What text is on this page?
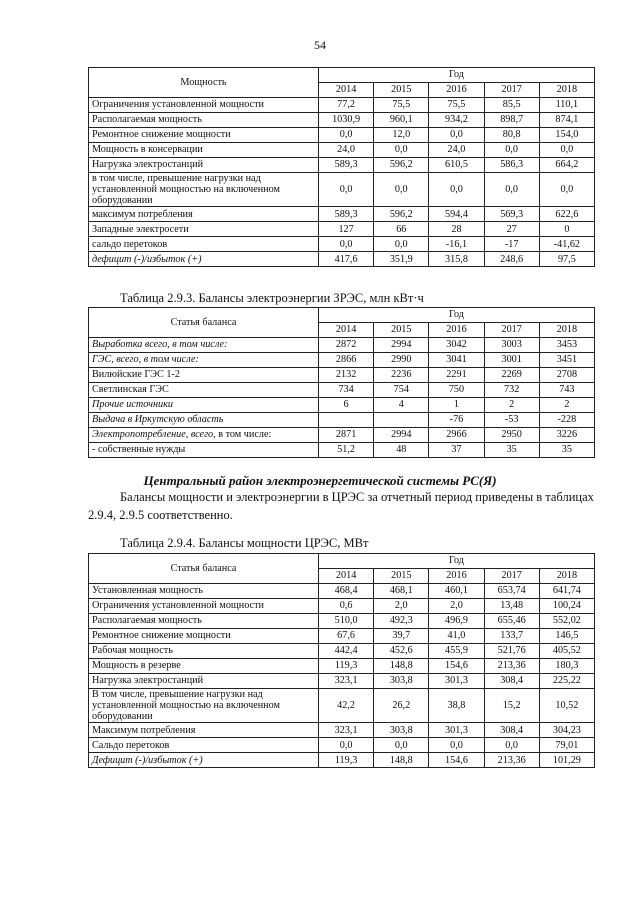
54
Мощность	Год				
	2014	2015	2016	2017	2018
Ограничения установленной мощности	77,2	75,5	75,5	85,5	110,1
Располагаемая мощность	1030,9	960,1	934,2	898,7	874,1
Ремонтное снижение мощности	0,0	12,0	0,0	80,8	154,0
Мощность в консервации	24,0	0,0	24,0	0,0	0,0
Нагрузка электростанций	589,3	596,2	610,5	586,3	664,2
в том числе, превышение нагрузки над установленной мощностью на включенном оборудовании	0,0	0,0	0,0	0,0	0,0
максимум потребления	589,3	596,2	594,4	569,3	622,6
Западные электросети	127	66	28	27	0
сальдо перетоков	0,0	0,0	-16,1	-17	-41,62
дефицит (-)/избыток (+)	417,6	351,9	315,8	248,6	97,5
Таблица 2.9.3. Балансы электроэнергии ЗРЭС, млн кВт·ч
Статья баланса	Год				
	2014	2015	2016	2017	2018
Выработка всего, в том числе:	2872	2994	3042	3003	3453
ГЭС, всего, в том числе:	2866	2990	3041	3001	3451
Вилюйские ГЭС 1-2	2132	2236	2291	2269	2708
Светлинская ГЭС	734	754	750	732	743
Прочие источники	6	4	1	2	2
Выдача в Иркутскую область			-76	-53	-228
Электропотребление, всего, в том числе:	2871	2994	2966	2950	3226
- собственные нужды	51,2	48	37	35	35
Центральный район электроэнергетической системы РС(Я)
Балансы мощности и электроэнергии в ЦРЭС за отчетный период приведены в таблицах 2.9.4, 2.9.5 соответственно.
Таблица 2.9.4. Балансы мощности ЦРЭС, МВт
Статья баланса	Год				
	2014	2015	2016	2017	2018
Установленная мощность	468,4	468,1	460,1	653,74	641,74
Ограничения установленной мощности	0,6	2,0	2,0	13,48	100,24
Располагаемая мощность	510,0	492,3	496,9	655,46	552,02
Ремонтное снижение мощности	67,6	39,7	41,0	133,7	146,5
Рабочая мощность	442,4	452,6	455,9	521,76	405,52
Мощность в резерве	119,3	148,8	154,6	213,36	180,3
Нагрузка электростанций	323,1	303,8	301,3	308,4	225,22
В том числе, превышение нагрузки над установленной мощностью на включенном оборудовании	42,2	26,2	38,8	15,2	10,52
Максимум потребления	323,1	303,8	301,3	308,4	304,23
Сальдо перетоков	0,0	0,0	0,0	0,0	79,01
Дефицит (-)/избыток (+)	119,3	148,8	154,6	213,36	101,29
